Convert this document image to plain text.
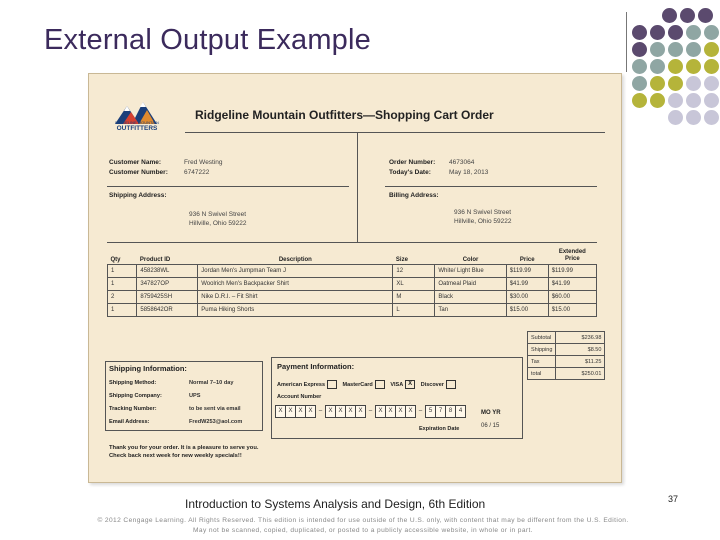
External Output Example
RIDGELINE MOUNTAIN
OUTFITTERS
Ridgeline Mountain Outfitters—Shopping Cart Order
Customer Name:	Fred Westing
Customer Number: 6747222
Order Number: 4673064
Today's Date:	May 18, 2013
Shipping Address:
936 N Swivel Street
Hillville, Ohio 59222
Billing Address:
936 N Swivel Street
Hillville, Ohio 59222
Qty	Product ID	Description	Size	Color	Price	Extended Price
1	458238WL	Jordan Men's Jumpman Team J	12	White/ Light Blue	$119.99	$119.99
1	347827OP	Woolrich Men's Backpacker Shirt	XL	Oatmeal Plaid	$41.99	$41.99
2	8759425SH	Nike D.R.I. – Fit Shirt	M	Black	$30.00	$60.00
1	5858642OR	Puma Hiking Shorts	L	Tan	$15.00	$15.00
Subtotal	$236.98
Shipping	$8.50
Tax	$11.25
total	$250.01
Shipping Information:
Shipping Method:	Normal 7–10 day
Shipping Company:	UPS
Tracking Number:	to be sent via email
Email Address:	FredW253@aol.com
Payment Information:
American Express	MasterCard	VISA X Discover
Account Number
X X X X	–	X X X X	–	X X X X	–	5	7	8	4	MO YR
Expiration Date	06 / 15
Thank you for your order. It is a pleasure to serve you.
Check back next week for new weekly specials!!
Introduction to Systems Analysis and Design, 6th Edition	37
© 2012 Cengage Learning. All Rights Reserved. This edition is intended for use outside of the U.S. only, with content that may be different from the U.S. Edition.
May not be scanned, copied, duplicated, or posted to a publicly accessible website, in whole or in part.
